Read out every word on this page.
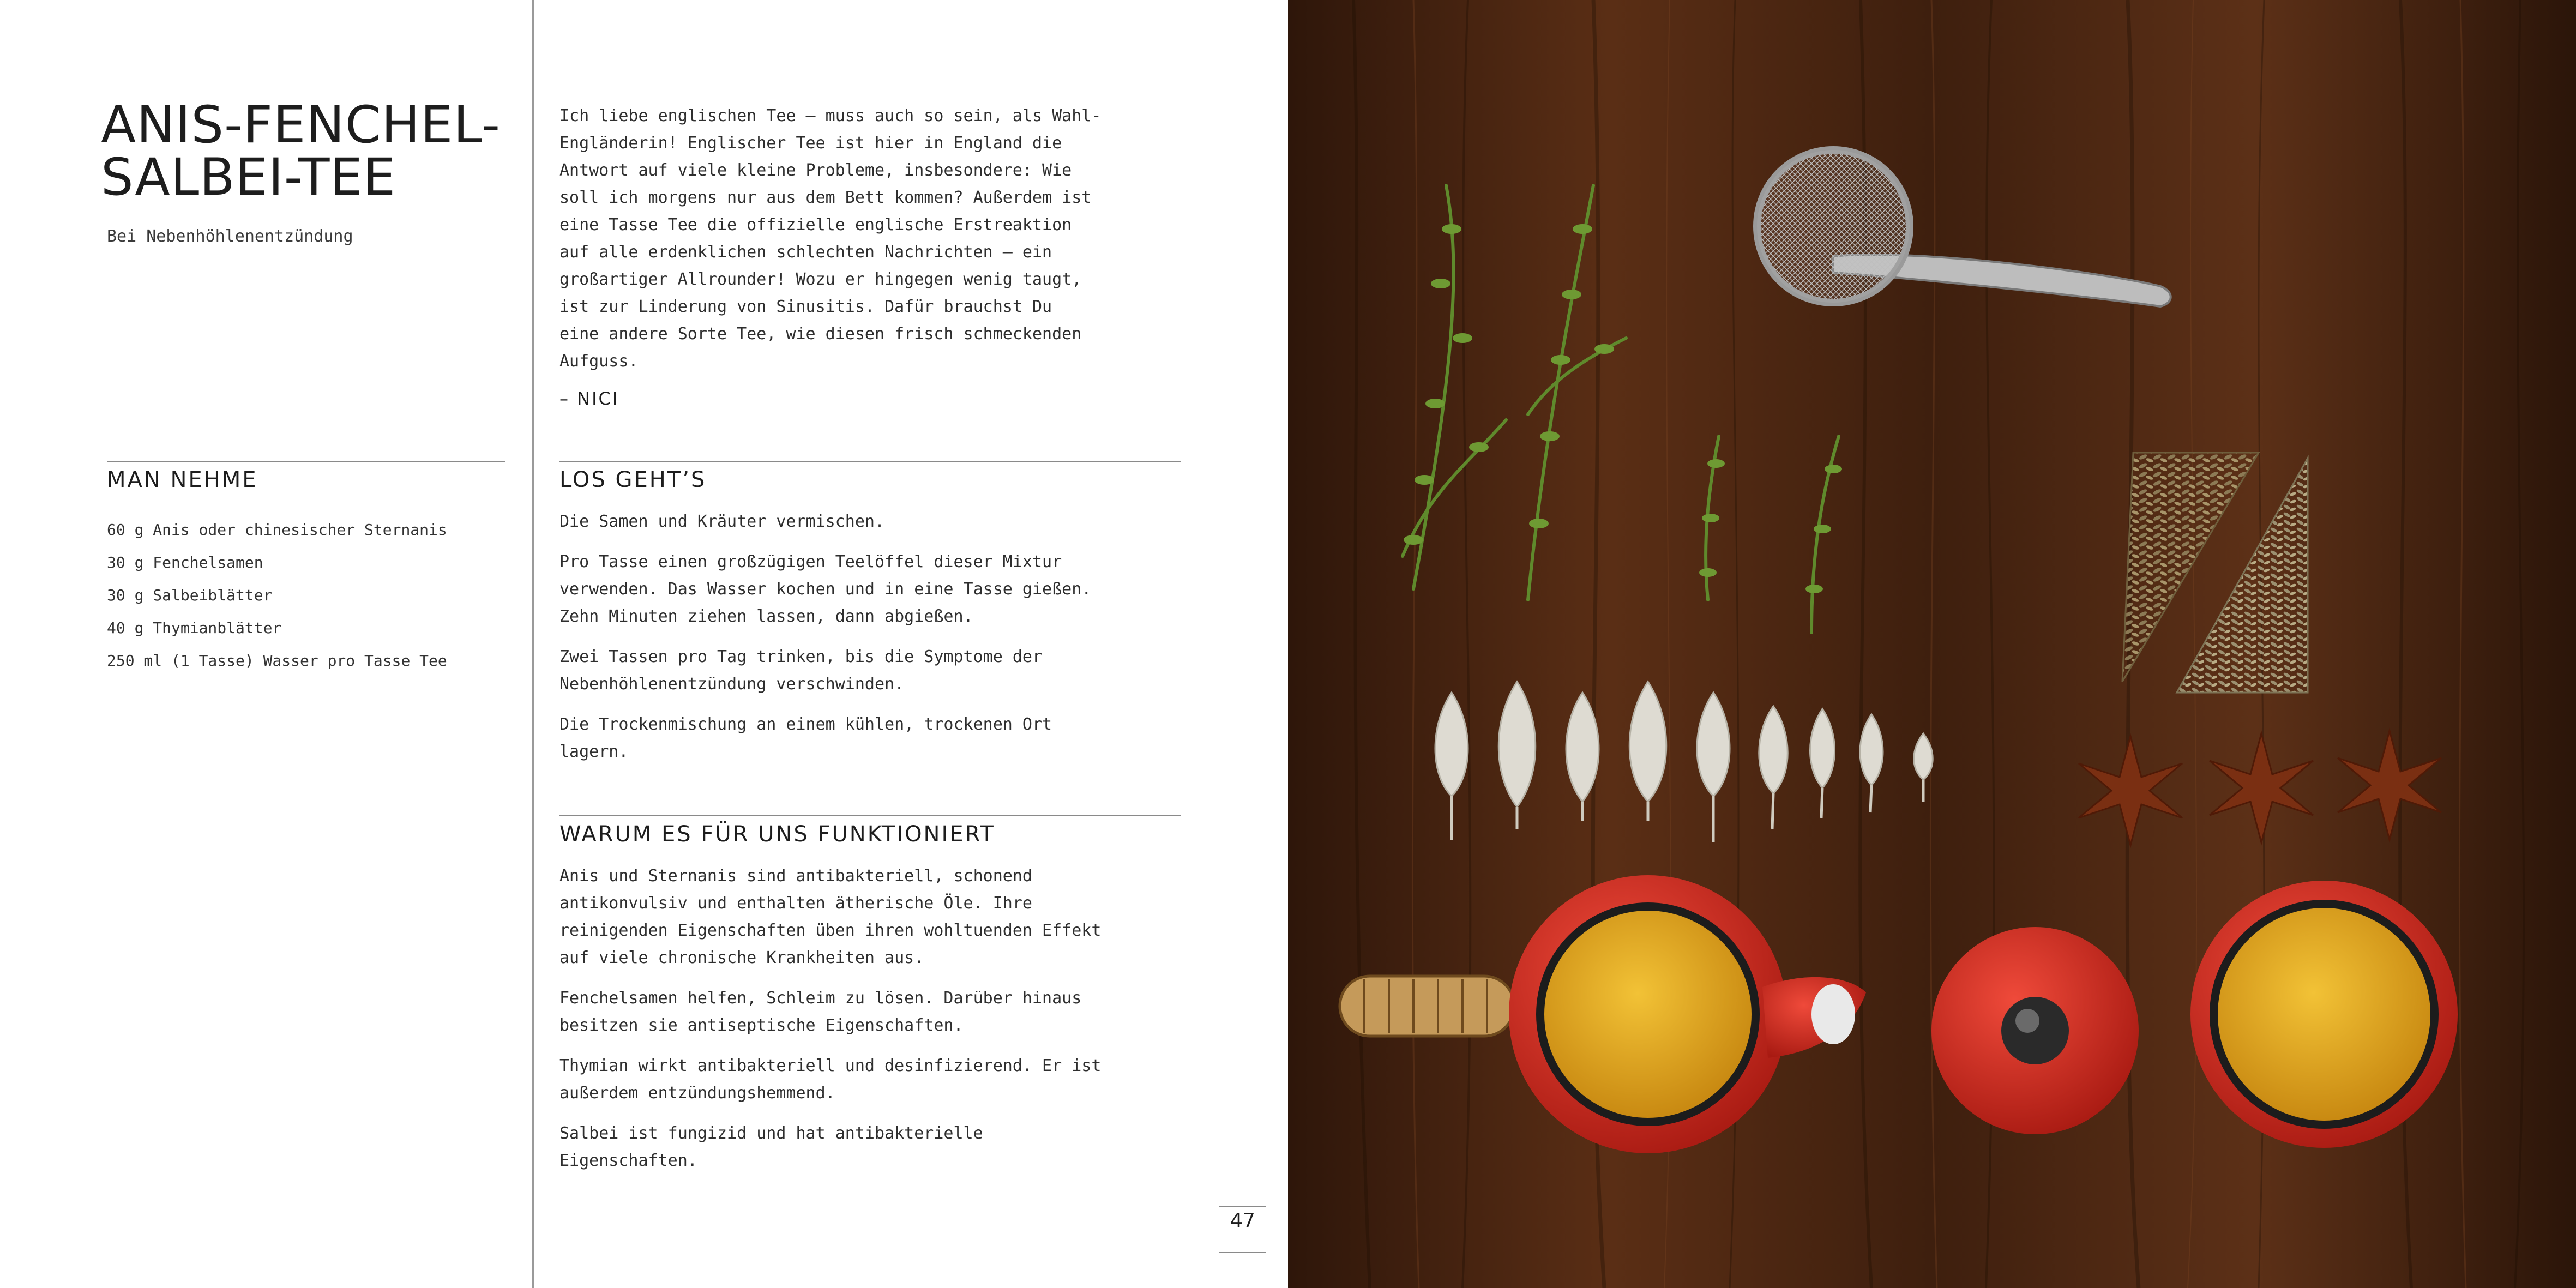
ANIS-FENCHEL-
SALBEI-TEE

Bei Nebenhöhlenentzündung

MAN NEHME
60 g Anis oder chinesischer Sternanis
30 g Fenchelsamen
30 g Salbeiblätter
40 g Thymianblätter
250 ml (1 Tasse) Wasser pro Tasse Tee

Ich liebe englischen Tee – muss auch so sein, als Wahl-
Engländerin! Englischer Tee ist hier in England die
Antwort auf viele kleine Probleme, insbesondere: Wie
soll ich morgens nur aus dem Bett kommen? Außerdem ist
eine Tasse Tee die offizielle englische Erstreaktion
auf alle erdenklichen schlechten Nachrichten – ein
großartiger Allrounder! Wozu er hingegen wenig taugt,
ist zur Linderung von Sinusitis. Dafür brauchst Du
eine andere Sorte Tee, wie diesen frisch schmeckenden
Aufguss.

– NICI

LOS GEHT’S

Die Samen und Kräuter vermischen.

Pro Tasse einen großzügigen Teelöffel dieser Mixtur
verwenden. Das Wasser kochen und in eine Tasse gießen.
Zehn Minuten ziehen lassen, dann abgießen.

Zwei Tassen pro Tag trinken, bis die Symptome der
Nebenhöhlenentzündung verschwinden.

Die Trockenmischung an einem kühlen, trockenen Ort
lagern.

WARUM ES FÜR UNS FUNKTIONIERT

Anis und Sternanis sind antibakteriell, schonend
antikonvulsiv und enthalten ätherische Öle. Ihre
reinigenden Eigenschaften üben ihren wohltuenden Effekt
auf viele chronische Krankheiten aus.

Fenchelsamen helfen, Schleim zu lösen. Darüber hinaus
besitzen sie antiseptische Eigenschaften.

Thymian wirkt antibakteriell und desinfizierend. Er ist
außerdem entzündungshemmend.

Salbei ist fungizid und hat antibakterielle
Eigenschaften.

47
